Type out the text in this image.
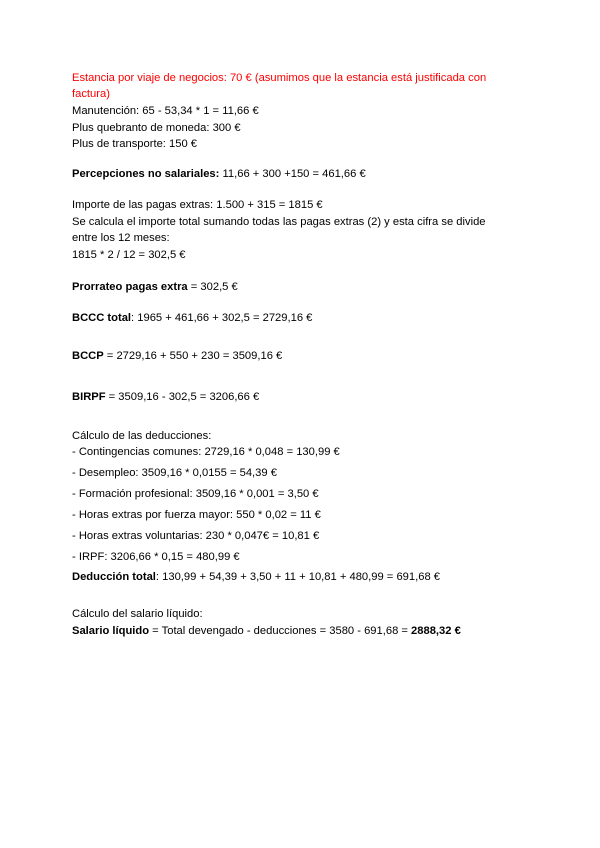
Estancia por viaje de negocios: 70 € (asumimos que la estancia está justificada con
factura)
Manutención: 65 - 53,34 * 1 = 11,66 €
Plus quebranto de moneda: 300 €
Plus de transporte: 150 €
Percepciones no salariales: 11,66 + 300 +150 = 461,66 €
Importe de las pagas extras: 1.500 + 315 = 1815 €
Se calcula el importe total sumando todas las pagas extras (2) y esta cifra se divide
entre los 12 meses:
1815 * 2 / 12 = 302,5 €
Prorrateo pagas extra = 302,5 €
BCCC total: 1965 + 461,66 + 302,5 = 2729,16 €
BCCP = 2729,16 + 550 + 230 = 3509,16 €
BIRPF = 3509,16 - 302,5 = 3206,66 €
Cálculo de las deducciones:
- Contingencias comunes: 2729,16 * 0,048 = 130,99 €
- Desempleo: 3509,16 * 0,0155 = 54,39 €
- Formación profesional: 3509,16 * 0,001 = 3,50 €
- Horas extras por fuerza mayor: 550 * 0,02 = 11 €
- Horas extras voluntarias: 230 * 0,047€ = 10,81 €
- IRPF: 3206,66 * 0,15 = 480,99 €
Deducción total: 130,99 + 54,39 + 3,50 + 11 + 10,81 + 480,99 = 691,68 €
Cálculo del salario líquido:
Salario líquido = Total devengado - deducciones = 3580 - 691,68 = 2888,32 €
